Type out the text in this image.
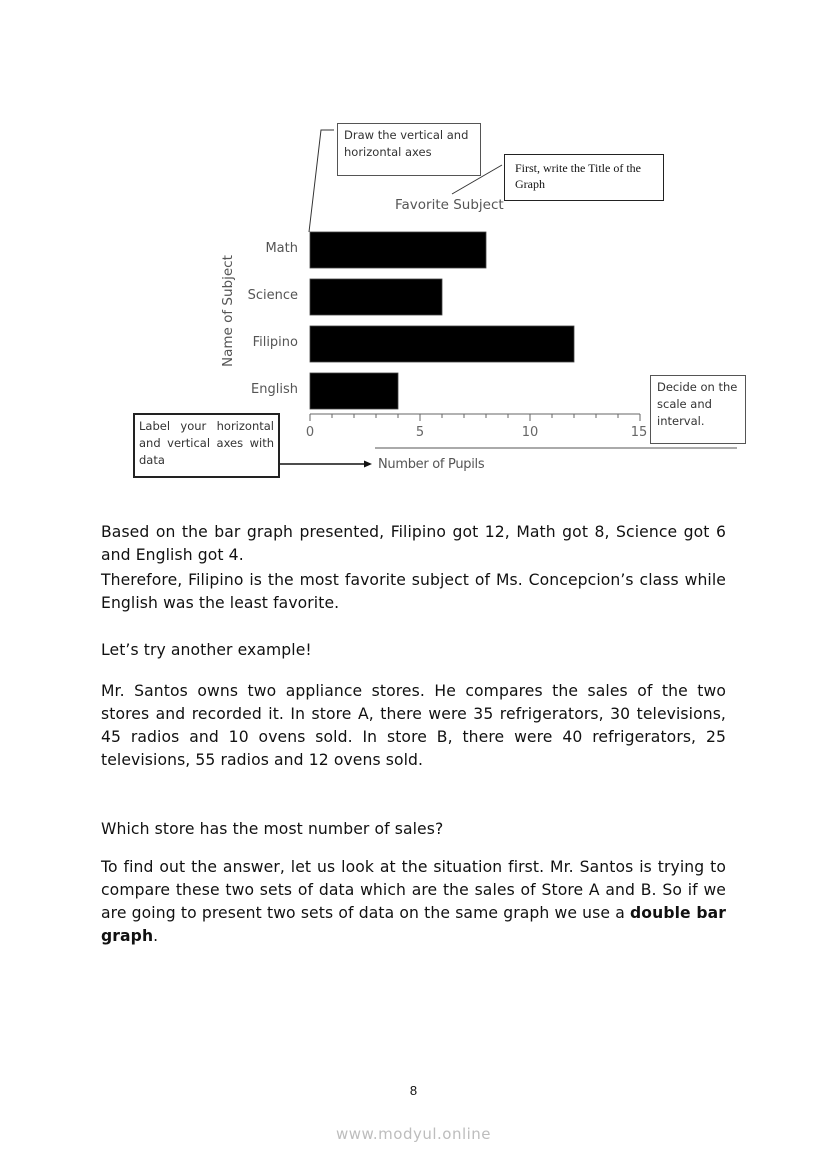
Favorite Subject
Name of Subject
Math
Science
Filipino
English
0	5	10	15
Number of Pupils
Draw the vertical and horizontal axes
First, write the Title of the Graph
Decide on the scale and interval.
Label your horizontal and vertical axes with data
Based on the bar graph presented, Filipino got 12, Math got 8, Science got 6 and English got 4.
Therefore, Filipino is the most favorite subject of Ms. Concepcion’s class while English was the least favorite.
Let’s try another example!
Mr. Santos owns two appliance stores. He compares the sales of the two stores and recorded it. In store A, there were 35 refrigerators, 30 televisions, 45 radios and 10 ovens sold. In store B, there were 40 refrigerators, 25 televisions, 55 radios and 12 ovens sold.
Which store has the most number of sales?
To find out the answer, let us look at the situation first. Mr. Santos is trying to compare these two sets of data which are the sales of Store A and B. So if we are going to present two sets of data on the same graph we use a double bar graph.
8
www.modyul.online
